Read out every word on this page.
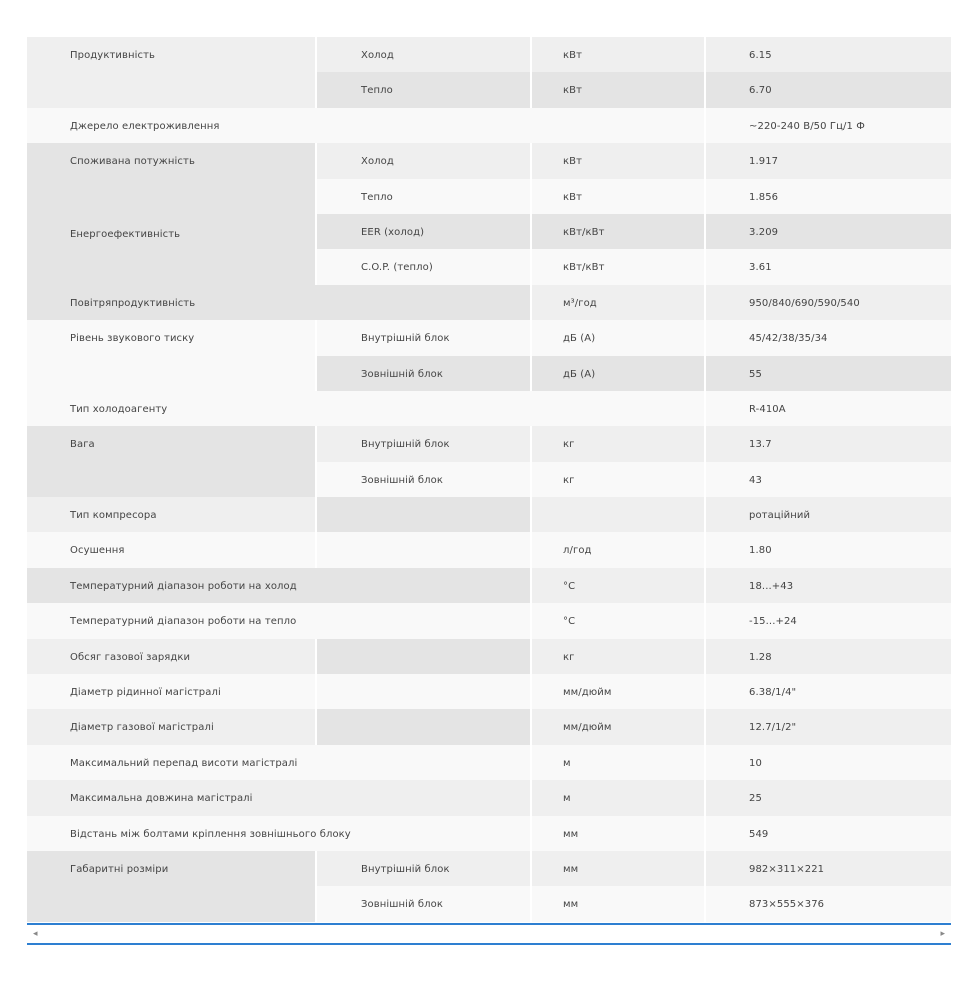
Продуктивність	Холод	кВт	6.15
	Тепло	кВт	6.70
Джерело електроживлення			~220-240 В/50 Гц/1 Ф
Споживана потужність	Холод	кВт	1.917
Енергоефективність	Тепло	кВт	1.856
	EER (холод)	кВт/кВт	3.209
	C.O.P. (тепло)	кВт/кВт	3.61
Повітряпродуктивність		м³/год	950/840/690/590/540
Рівень звукового тиску	Внутрішній блок	дБ (А)	45/42/38/35/34
	Зовнішній блок	дБ (А)	55
Тип холодоагенту			R-410A
Вага	Внутрішній блок	кг	13.7
	Зовнішній блок	кг	43
Тип компресора			ротаційний
Осушення		л/год	1.80
Температурний діапазон роботи на холод		°C	18...+43
Температурний діапазон роботи на тепло		°C	-15...+24
Обсяг газової зарядки		кг	1.28
Діаметр рідинної магістралі		мм/дюйм	6.38/1/4"
Діаметр газової магістралі		мм/дюйм	12.7/1/2"
Максимальний перепад висоти магістралі		м	10
Максимальна довжина магістралі		м	25
Відстань між болтами кріплення зовнішнього блоку		мм	549
Габаритні розміри	Внутрішній блок	мм	982×311×221
	Зовнішній блок	мм	873×555×376
◂	▸
